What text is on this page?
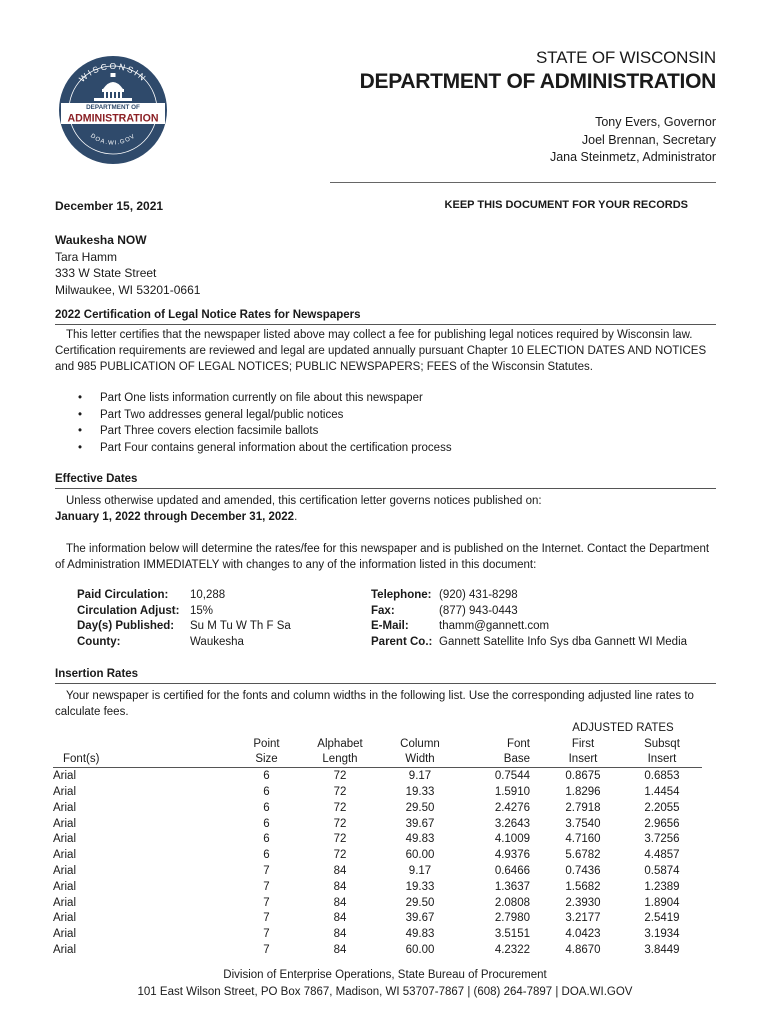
WISCONSIN
DEPARTMENT OF
ADMINISTRATION
DOA.WI.GOV
STATE OF WISCONSIN
DEPARTMENT OF ADMINISTRATION
Tony Evers, Governor
Joel Brennan, Secretary
Jana Steinmetz, Administrator
December 15, 2021	KEEP THIS DOCUMENT FOR YOUR RECORDS
Waukesha NOW
Tara Hamm
333 W State Street
Milwaukee, WI 53201-0661
2022 Certification of Legal Notice Rates for Newspapers
This letter certifies that the newspaper listed above may collect a fee for publishing legal notices required by Wisconsin law. Certification requirements are reviewed and legal are updated annually pursuant Chapter 10 ELECTION DATES AND NOTICES and 985 PUBLICATION OF LEGAL NOTICES; PUBLIC NEWSPAPERS; FEES of the Wisconsin Statutes.
• Part One lists information currently on file about this newspaper
• Part Two addresses general legal/public notices
• Part Three covers election facsimile ballots
• Part Four contains general information about the certification process
Effective Dates
Unless otherwise updated and amended, this certification letter governs notices published on:
January 1, 2022 through December 31, 2022.
The information below will determine the rates/fee for this newspaper and is published on the Internet. Contact the Department of Administration IMMEDIATELY with changes to any of the information listed in this document:
Paid Circulation: 10,288
Circulation Adjust: 15%
Day(s) Published: Su M Tu W Th F Sa
County:	Waukesha
Telephone: (920) 431-8298
Fax:	(877) 943-0443
E-Mail:	thamm@gannett.com
Parent Co.: Gannett Satellite Info Sys dba Gannett WI Media
Insertion Rates
Your newspaper is certified for the fonts and column widths in the following list. Use the corresponding adjusted line rates to calculate fees.
					ADJUSTED RATES	
	Point	Alphabet	Column	Font	First	Subsqt
Font(s)	Size	Length	Width	Base	Insert	Insert
Arial	6	72	9.17	0.7544	0.8675	0.6853
Arial	6	72	19.33	1.5910	1.8296	1.4454
Arial	6	72	29.50	2.4276	2.7918	2.2055
Arial	6	72	39.67	3.2643	3.7540	2.9656
Arial	6	72	49.83	4.1009	4.7160	3.7256
Arial	6	72	60.00	4.9376	5.6782	4.4857
Arial	7	84	9.17	0.6466	0.7436	0.5874
Arial	7	84	19.33	1.3637	1.5682	1.2389
Arial	7	84	29.50	2.0808	2.3930	1.8904
Arial	7	84	39.67	2.7980	3.2177	2.5419
Arial	7	84	49.83	3.5151	4.0423	3.1934
Arial	7	84	60.00	4.2322	4.8670	3.8449
Division of Enterprise Operations, State Bureau of Procurement
101 East Wilson Street, PO Box 7867, Madison, WI 53707-7867 | (608) 264-7897 | DOA.WI.GOV
